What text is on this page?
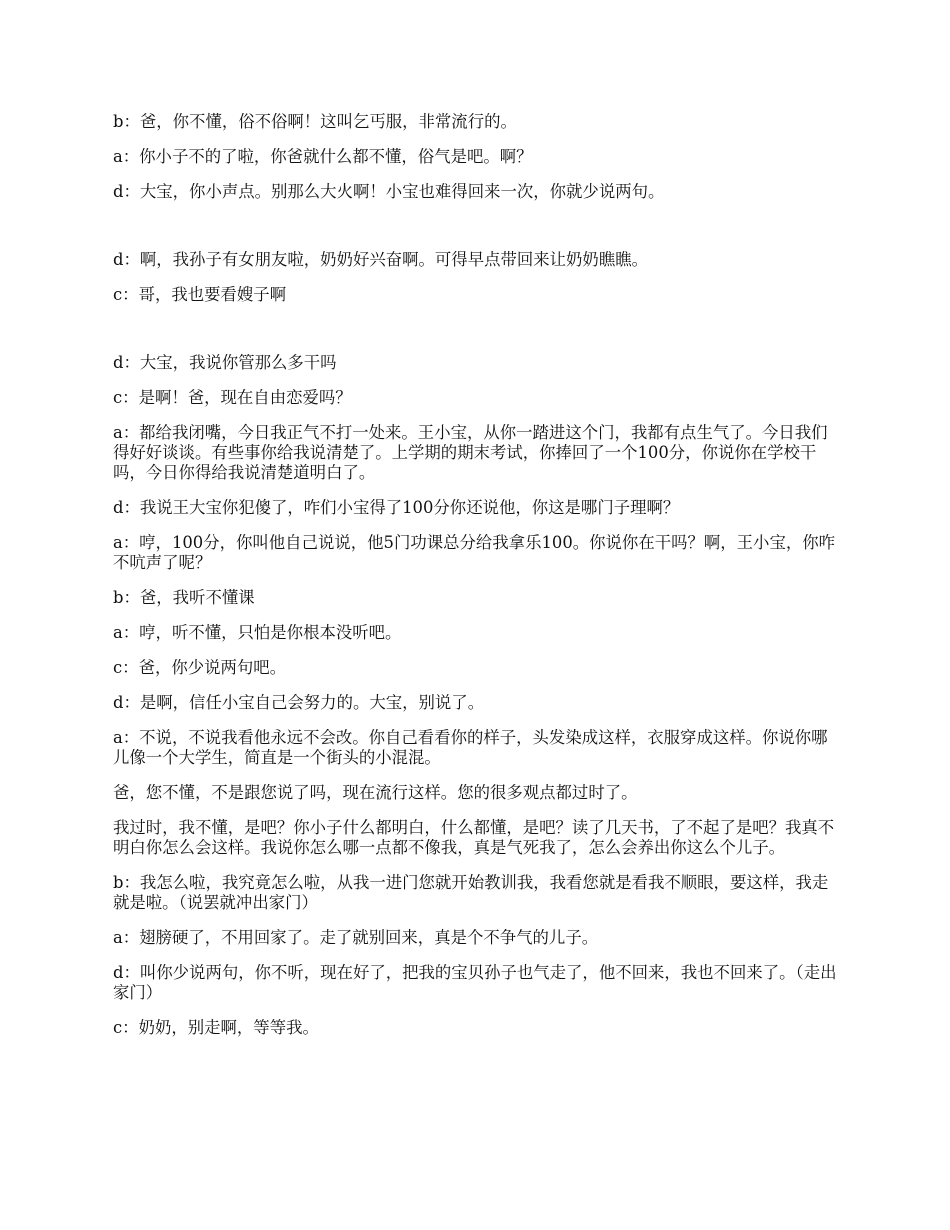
b：爸，你不懂，俗不俗啊！这叫乞丐服，非常流行的。

a：你小子不的了啦，你爸就什么都不懂，俗气是吧。啊？

d：大宝，你小声点。别那么大火啊！小宝也难得回来一次，你就少说两句。

d：啊，我孙子有女朋友啦，奶奶好兴奋啊。可得早点带回来让奶奶瞧瞧。

c：哥，我也要看嫂子啊

d：大宝，我说你管那么多干吗

c：是啊！爸，现在自由恋爱吗？

a：都给我闭嘴，今日我正气不打一处来。王小宝，从你一踏进这个门，我都有点生气了。今日我们得好好谈谈。有些事你给我说清楚了。上学期的期末考试，你捧回了一个100分，你说你在学校干吗，今日你得给我说清楚道明白了。

d：我说王大宝你犯傻了，咋们小宝得了100分你还说他，你这是哪门子理啊？

a：哼，100分，你叫他自己说说，他5门功课总分给我拿乐100。你说你在干吗？啊，王小宝，你咋不吭声了呢？

b：爸，我听不懂课

a：哼，听不懂，只怕是你根本没听吧。

c：爸，你少说两句吧。

d：是啊，信任小宝自己会努力的。大宝，别说了。

a：不说，不说我看他永远不会改。你自己看看你的样子，头发染成这样，衣服穿成这样。你说你哪儿像一个大学生，简直是一个街头的小混混。

爸，您不懂，不是跟您说了吗，现在流行这样。您的很多观点都过时了。

我过时，我不懂，是吧？你小子什么都明白，什么都懂，是吧？读了几天书，了不起了是吧？我真不明白你怎么会这样。我说你怎么哪一点都不像我，真是气死我了，怎么会养出你这么个儿子。

b：我怎么啦，我究竟怎么啦，从我一进门您就开始教训我，我看您就是看我不顺眼，要这样，我走就是啦。（说罢就冲出家门）

a：翅膀硬了，不用回家了。走了就别回来，真是个不争气的儿子。

d：叫你少说两句，你不听，现在好了，把我的宝贝孙子也气走了，他不回来，我也不回来了。（走出家门）

c：奶奶，别走啊，等等我。
